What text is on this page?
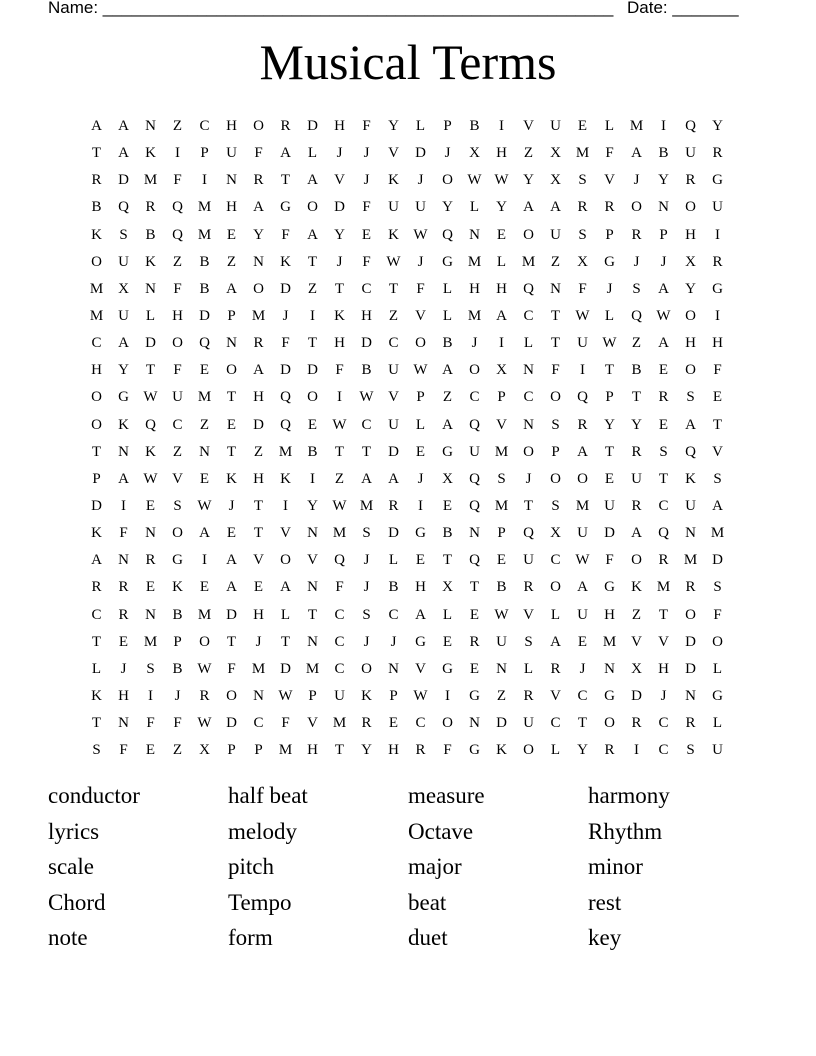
Name: ______________________________________________________ Date: _______
Musical Terms
A	A	N	Z	C	H	O	R	D	H	F	Y	L	P	B	I	V	U	E	L	M	I	Q	Y
T	A	K	I	P	U	F	A	L	J	J	V	D	J	X	H	Z	X M	F	A	B	U	R
R	D M	F	I	N	R	T	A	V	J	K	J	O W W Y	X	S	V	J	Y	R	G
B	Q	R	Q M H	A	G	O	D	F	U	U	Y	L	Y	A	A	R	R	O	N	O	U
K	S	B	Q M	E	Y	F	A	Y	E	K W Q	N	E	O	U	S	P	R	P	H	I
O	U	K	Z	B	Z	N	K	T	J	F	W	J	G M	L	M	Z	X	G	J	J	X	R
M X	N	F	B	A	O	D	Z	T	C	T	F	L	H	H	Q	N	F	J	S	A	Y	G
M U	L	H	D	P	M	J	I	K	H	Z	V	L	M A	C	T	W	L	Q W O	I
C	A	D	O	Q	N	R	F	T	H	D	C	O	B	J	I	L	T	U W	Z	A	H	H
H	Y	T	F	E	O	A	D	D	F	B	U W A	O	X	N	F	I	T	B	E	O	F
O	G W U M	T	H	Q	O	I	W V	P	Z	C	P	C	O	Q	P	T	R	S	E
O	K	Q	C	Z	E	D	Q	E	W C	U	L	A	Q	V	N	S	R	Y	Y	E	A	T
T	N	K	Z	N	T	Z	M	B	T	T	D	E	G	U M O	P	A	T	R	S	Q	V
P	A W V	E	K	H	K	I	Z	A	A	J	X	Q	S	J	O	O	E	U	T	K	S
D	I	E	S	W	J	T	I	Y W M	R	I	E	Q M	T	S	M U	R	C	U	A
K	F	N	O	A	E	T	V	N M	S	D	G	B	N	P	Q	X	U	D	A	Q	N M
A	N	R	G	I	A	V	O	V	Q	J	L	E	T	Q	E	U	C W	F	O	R	M D
R	R	E	K	E	A	E	A	N	F	J	B	H	X	T	B	R	O	A	G	K M	R	S
C	R	N	B	M D	H	L	T	C	S	C	A	L	E	W V	L	U	H	Z	T	O	F
T	E	M	P	O	T	J	T	N	C	J	J	G	E	R	U	S	A	E	M V	V	D	O
L	J	S	B W	F	M D M	C	O	N	V	G	E	N	L	R	J	N	X	H	D	L
K	H	I	J	R	O	N W	P	U	K	P	W	I	G	Z	R	V	C	G	D	J	N	G
T	N	F	F	W D	C	F	V M	R	E	C	O	N	D	U	C	T	O	R	C	R	L
S	F	E	Z	X	P	P	M H	T	Y	H	R	F	G	K	O	L	Y	R	I	C	S	U
conductor	half beat	measure	harmony
lyrics	melody	Octave	Rhythm
scale	pitch	major	minor
Chord	Tempo	beat	rest
note	form	duet	key
